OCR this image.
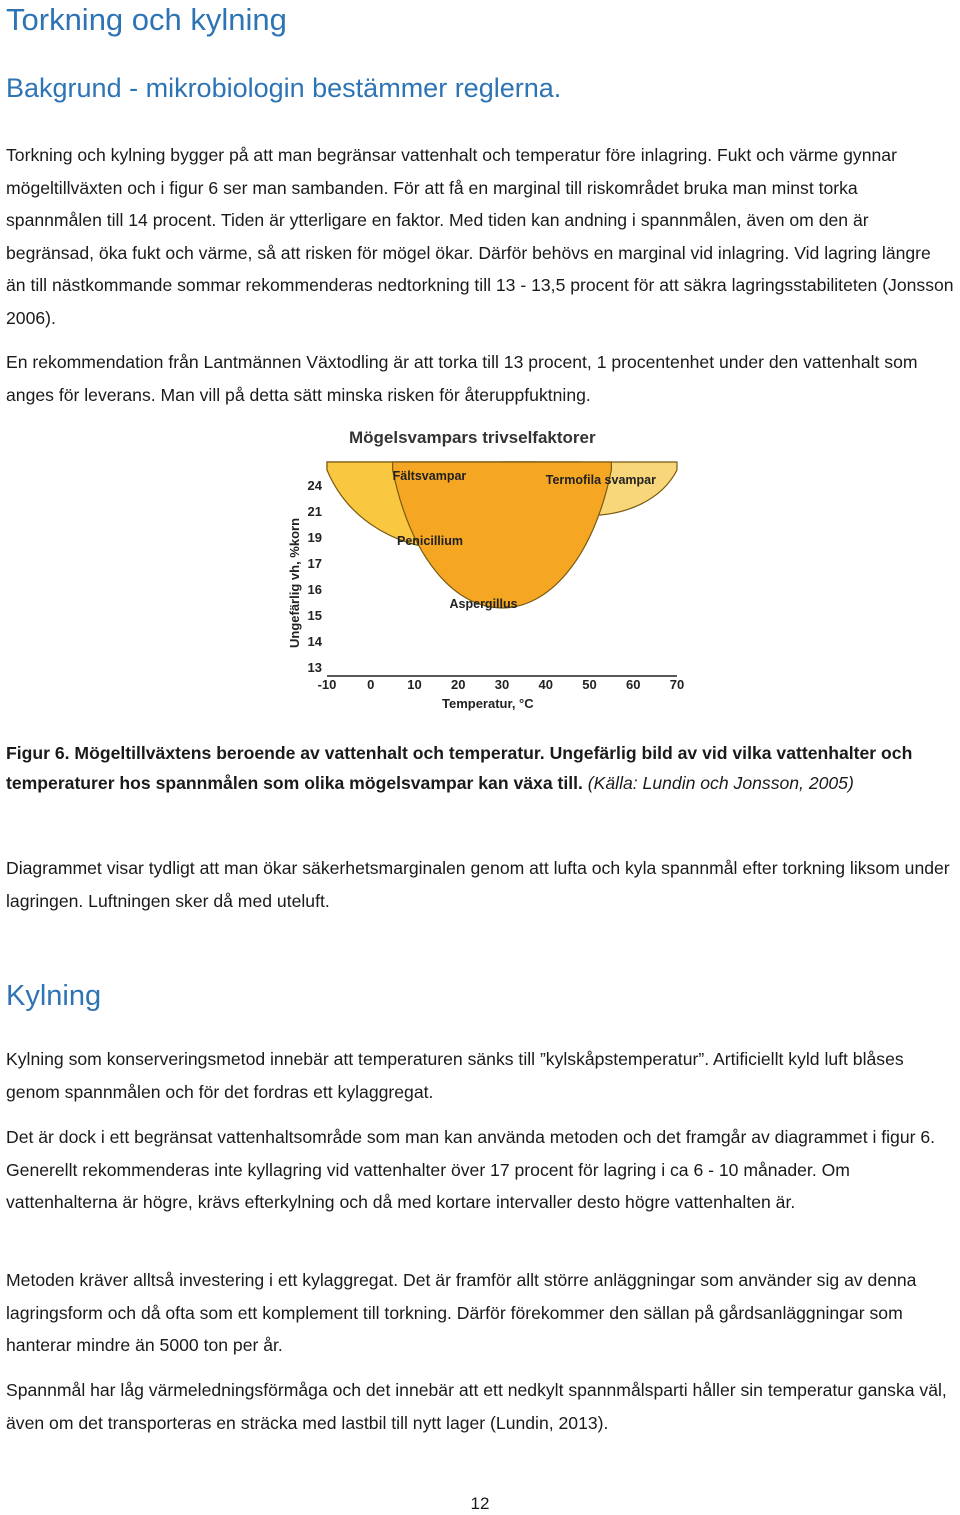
Torkning och kylning
Bakgrund - mikrobiologin bestämmer reglerna.

Torkning och kylning bygger på att man begränsar vattenhalt och temperatur före inlagring. Fukt och värme gynnar mögeltillväxten och i figur 6 ser man sambanden. För att få en marginal till riskområdet bruka man minst torka spannmålen till 14 procent. Tiden är ytterligare en faktor. Med tiden kan andning i spannmålen, även om den är begränsad, öka fukt och värme, så att risken för mögel ökar. Därför behövs en marginal vid inlagring. Vid lagring längre än till nästkommande sommar rekommenderas nedtorkning till 13 - 13,5 procent för att säkra lagringsstabiliteten (Jonsson 2006).

En rekommendation från Lantmännen Växtodling är att torka till 13 procent, 1 procentenhet under den vattenhalt som anges för leverans. Man vill på detta sätt minska risken för återuppfuktning.

Mögelsvampars trivselfaktorer
Fältsvampar	Termofila svampar
Penicillium
Aspergillus
-10 0	10 20 30 40 50 60 70
13
14
15
16
17
19
21
24
Temperatur, °C
Ungefärlig vh, %korn

Figur 6. Mögeltillväxtens beroende av vattenhalt och temperatur. Ungefärlig bild av vid vilka vattenhalter och temperaturer hos spannmålen som olika mögelsvampar kan växa till. (Källa: Lundin och Jonsson, 2005)

Diagrammet visar tydligt att man ökar säkerhetsmarginalen genom att lufta och kyla spannmål efter torkning liksom under lagringen. Luftningen sker då med uteluft.

Kylning

Kylning som konserveringsmetod innebär att temperaturen sänks till ”kylskåpstemperatur”. Artificiellt kyld luft blåses genom spannmålen och för det fordras ett kylaggregat.

Det är dock i ett begränsat vattenhaltsområde som man kan använda metoden och det framgår av diagrammet i figur 6. Generellt rekommenderas inte kyllagring vid vattenhalter över 17 procent för lagring i ca 6 - 10 månader. Om vattenhalterna är högre, krävs efterkylning och då med kortare intervaller desto högre vattenhalten är.

Metoden kräver alltså investering i ett kylaggregat. Det är framför allt större anläggningar som använder sig av denna lagringsform och då ofta som ett komplement till torkning. Därför förekommer den sällan på gårdsanläggningar som hanterar mindre än 5000 ton per år.

Spannmål har låg värmeledningsförmåga och det innebär att ett nedkylt spannmålsparti håller sin temperatur ganska väl, även om det transporteras en sträcka med lastbil till nytt lager (Lundin, 2013).

12
